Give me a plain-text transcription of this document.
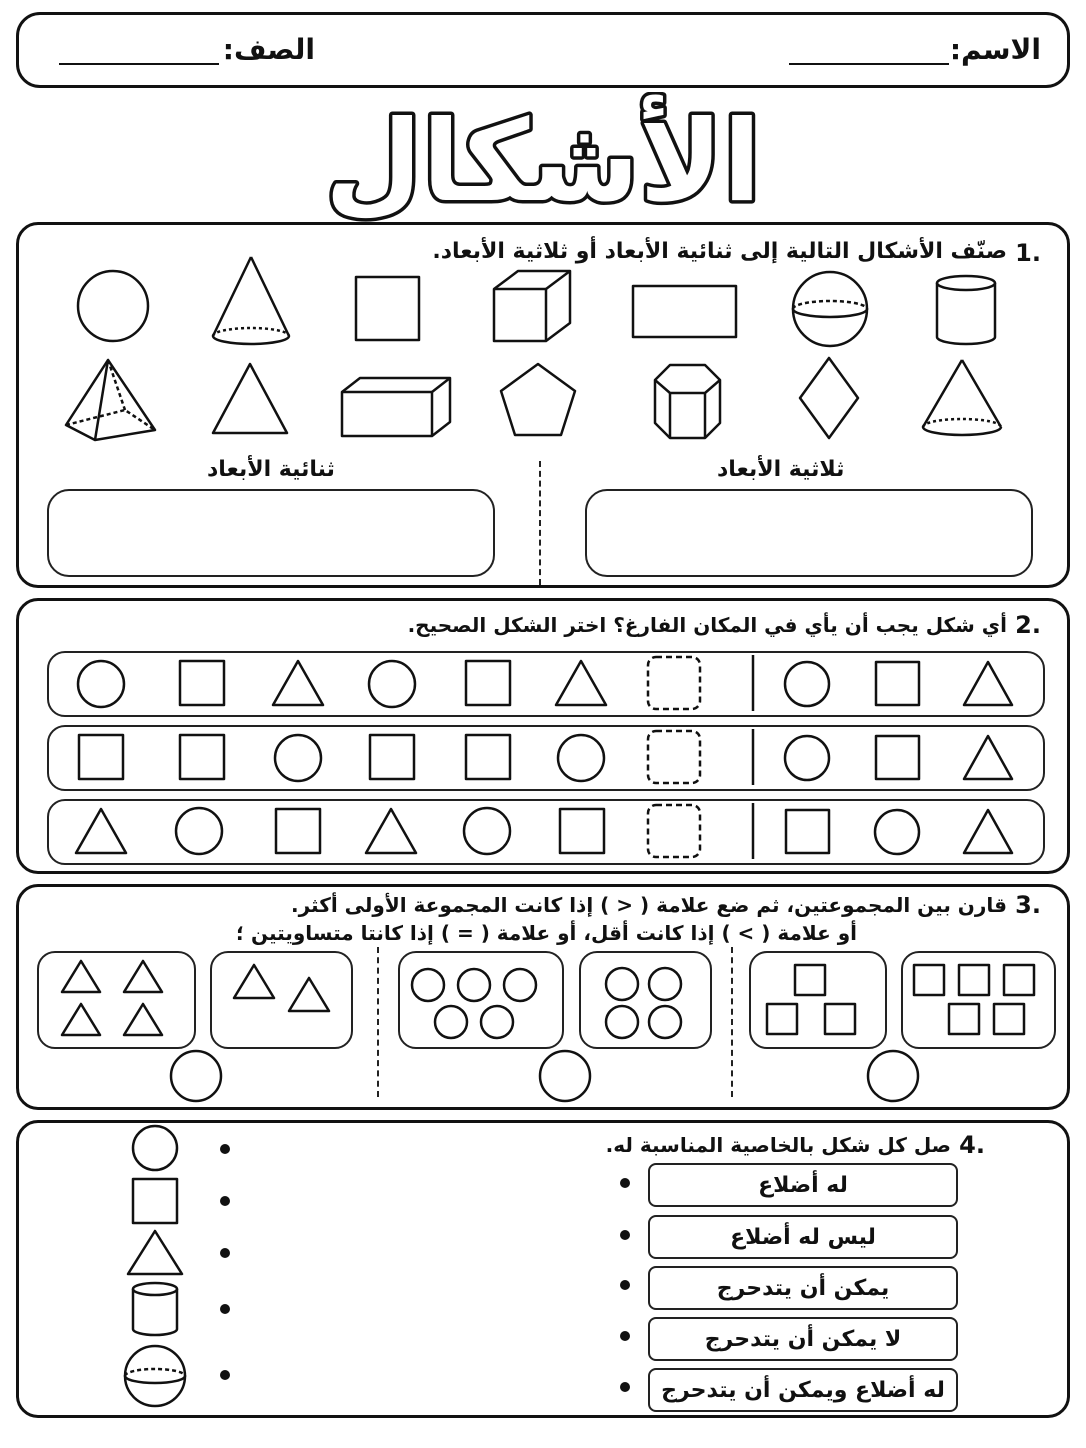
الاسم:
الصف:
الأشكال
.1
صنّف الأشكال التالية إلى ثنائية الأبعاد أو ثلاثية الأبعاد.
ثلاثية الأبعاد
ثنائية الأبعاد
.2
أي شكل يجب أن يأي في المكان الفارغ؟ اختر الشكل الصحيح.
.3
قارن بين المجموعتين، ثم ضع علامة ( < ) إذا كانت المجموعة الأولى أكثر.
أو علامة ( > ) إذا كانت أقل، أو علامة ( = ) إذا كانتا متساويتين ؛
.4
صل كل شكل بالخاصية المناسبة له.
له أضلاع
ليس له أضلاع
يمكن أن يتدحرج
لا يمكن أن يتدحرج
له أضلاع ويمكن أن يتدحرج
